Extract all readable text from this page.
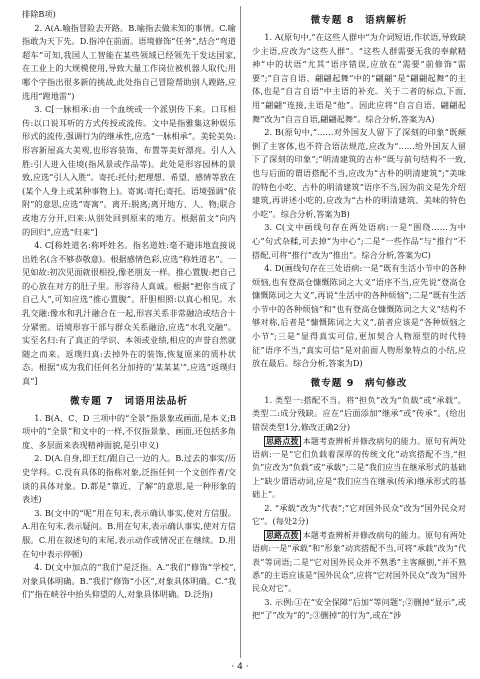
排除B项)

2. A(A.喻指冒险去开路。B.喻指去做未知的事情。C.喻指敢为天下先。D.指冲在前面。语境修饰“任务”,结合“弯道超车”可知,我国人工智能在某些领域已经领先于发达国家,在工业上的大规模使用,导致大量工作岗位被机器人取代;用哪个字指出很多新的挑战,此处指自己冒险帮助别人蹚路,应选用“蹚地雷”)

3. C[一脉相承:由一个血统或一个派别传下来。口耳相传:以口说耳听的方式传授或流传。文中是指雅集这种娱乐形式的流传,强调行为的继承性,应选“一脉相承”。美轮美奂:形容新屋高大美观,也形容装饰、布置等美好漂亮。引人入胜:引人进入佳境(指风景或作品等)。此处是形容园林的景致,应选“引人入胜”。寄托:托付;把理想、希望、感情等放在(某个人身上或某种事物上)。寄寓:寄托;寄托。语境强调“依附”的意思,应选“寄寓”。离开:脱离;离开地方、人、物;联合或地方分开,归来:从别处回到原来的地方。根据前文“向内的回归”,应选“归来”]

4. C[称姓道名:称呼姓名。指名道姓:毫不避讳地直接说出姓名(含不够恭敬意)。根据感情色彩,应选“称姓道名”。一见如故:初次见面就很相投,像老朋友一样。推心置腹:把自己的心放在对方的肚子里。形容待人真诚。根据“把你当成了自己人”,可知应选“推心置腹”。肝胆相照:以真心相见。水乳交融:像水和乳汁融合在一起,形容关系非常融洽或结合十分紧密。语境形容干部与群众关系融洽,应选“水乳交融”。实至名归:有了真正的学识、本领或业绩,相应的声誉自然就随之而来。返璞归真:去掉外在的装饰,恢复原来的质朴状态。根据“成为我们任何名分加持的‘某某某’”,应选“返璞归真”]

微专题 7　词语用法品析

1. B(A、C、D 三项中的“全景”指景象或画面,是本义;B项中的“全景”和文中的一样,不仅指景象、画面,还包括多角度、多层面来表现精神面貌,是引申义)

2. D(A.自身,即王红/跟自己一边的人。B.过去的事实/历史学科。C.没有具体的指称对象,泛指任何一个文创作者/交谈的具体对象。D.都是“靠近、了解”的意思,是一种形象的表述)

3. B(文中的“呢”用在句末,表示确认事实,使对方信服。A.用在句末,表示疑问。B.用在句末,表示确认事实,使对方信服。C.用在叙述句的末尾,表示动作或情况正在继续。D.用在句中表示停顿)

4. D(文中加点的“我们”是泛指。A.“我们”修饰“学校”,对象具体明确。B.“我们”修饰“小区”,对象具体明确。C.“我们”指在峡谷中抬头仰望的人,对象具体明确。D.泛指)

微专题 8　语病解析

1. A(原句中,“在这些人群中”为介词短语,作状语,导致缺少主语,应改为“这些人群”。“这些人群需要无我的奉献精神”中的状语“尤其”语序错误,应放在“需要”前修饰“需要”;“自言自语、翩翩起舞”中的“翩翩”是“翩翩起舞”的主体,也是“自言自语”中主语的补充。关于二者的标点,下面,用“翩翩”连接,主语是“他”。因此应将“自言自语、翩翩起舞”改为“自言自语,翩翩起舞”。综合分析,答案为A)

2. B(原句中,“……对外国友人留下了深刻的印象”既颠倒了主客体,也不符合语法规范,应改为“……给外国友人留下了深刻的印象”;“明清建筑的古朴”既与前句结构不一致,也与后面的谓语搭配不当,应改为“古朴的明清建筑”;“美味的特色小吃、古朴的明清建筑”语序不当,因为前文是先介绍建筑,再讲述小吃的,应改为“古朴的明清建筑、美味的特色小吃”。综合分析,答案为B)

3. C(文中画线句存在两处语病:一是“围绕……为中心”句式杂糅,可去掉“为中心”;二是“一些作品”与“推行”不搭配,可将“推行”改为“推出”。综合分析,答案为C)

4. D(画线句存在三处语病:一是“既有生活小节中的各种烦恼,也有登高仓慷慨陈词之大义”语序不当,应先说“登高仓慷慨陈词之大义”,再说“生活中的各种烦恼”;二是“既有生活小节中的各种烦恼”和“也有登高仓慷慨陈词之大义”结构不够对称,后者是“慷慨陈词之大义”,前者应该是“各种烦恼之小节”;三是“显得真实可信,更加契合人物原型的时代特征”语序不当,“真实可信”是对前面人物形象特点的小结,应放在最后。综合分析,答案为D)

微专题 9　病句修改

1. 类型一:搭配不当。将“担负”改为“负载”或“承载”。类型二:成分残缺。应在“后面添加“继承”或“传承”。(给出错误类型1分,修改正确2分)

思路点拨 本题考查辨析并修改病句的能力。原句有两处语病:一是“它们负载着深厚的传统文化”动宾搭配不当,“担负”应改为“负载”或“承载”;二是“我们应当在继承形式的基础上”缺少谓语动词,应是“我们应当在继承(传承)继承形式的基础上”。

2. “承载”改为“代表”;“它对国外民众”改为“国外民众对它”。(每处2分)

思路点拨 本题考查辨析并修改病句的能力。原句有两处语病:一是“承载”和“形象”动宾搭配不当,可将“承载”改为“代表”等词语;二是“它对国外民众并不熟悉”主客颠倒,“并不熟悉”的主语应该是“国外民众”,应将“它对国外民众”改为“国外民众对它”。

3. 示例:①在“安全保障”后加“等问题”;②删掉“显示”,或把“了”改为“的”;③删掉“的行为”,或在“涉

· 4 ·
